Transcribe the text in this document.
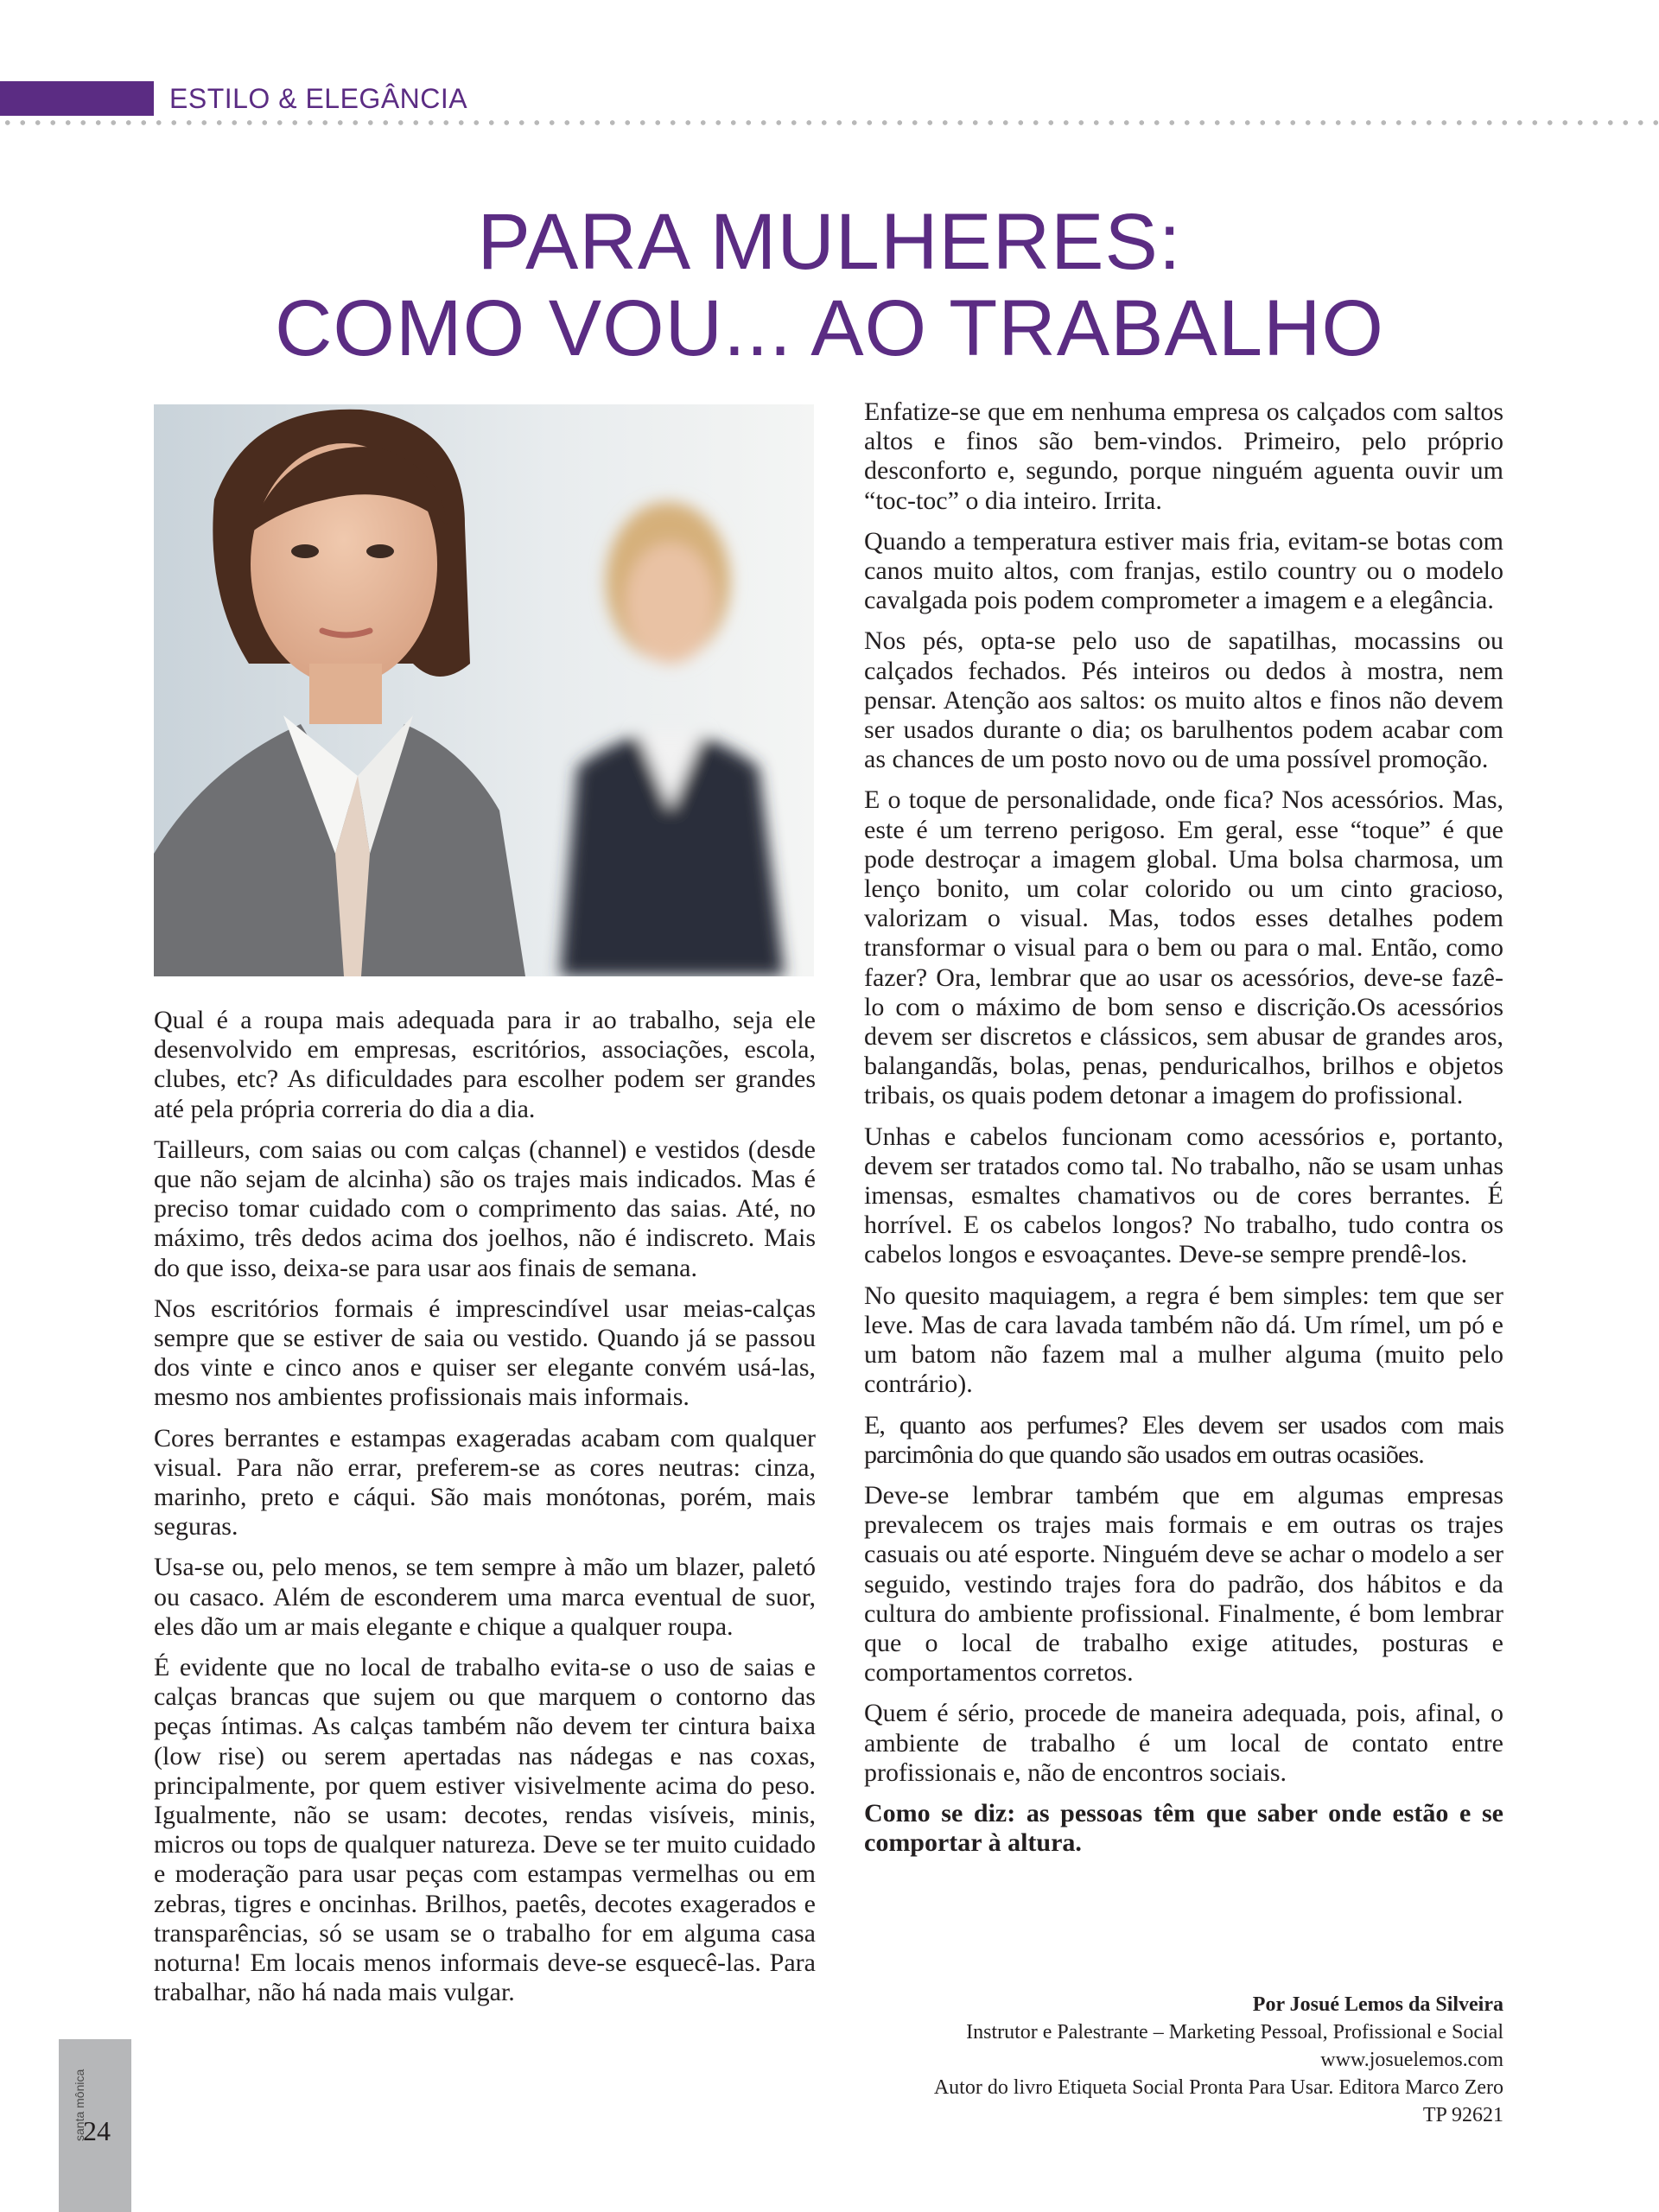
ESTILO & ELEGÂNCIA
PARA MULHERES:
COMO VOU... AO TRABALHO

Qual é a roupa mais adequada para ir ao trabalho, seja ele desenvolvido em empresas, escritórios, associações, escola, clubes, etc? As dificuldades para escolher podem ser grandes até pela própria correria do dia a dia.

Tailleurs, com saias ou com calças (channel) e vestidos (desde que não sejam de alcinha) são os trajes mais indicados. Mas é preciso tomar cuidado com o comprimento das saias. Até, no máximo, três dedos acima dos joelhos, não é indiscreto. Mais do que isso, deixa-se para usar aos finais de semana.

Nos escritórios formais é imprescindível usar meias-calças sempre que se estiver de saia ou vestido. Quando já se passou dos vinte e cinco anos e quiser ser elegante convém usá-las, mesmo nos ambientes profissionais mais informais.

Cores berrantes e estampas exageradas acabam com qualquer visual. Para não errar, preferem-se as cores neutras: cinza, marinho, preto e cáqui. São mais monótonas, porém, mais seguras.

Usa-se ou, pelo menos, se tem sempre à mão um blazer, paletó ou casaco. Além de esconderem uma marca eventual de suor, eles dão um ar mais elegante e chique a qualquer roupa.

É evidente que no local de trabalho evita-se o uso de saias e calças brancas que sujem ou que marquem o contorno das peças íntimas. As calças também não devem ter cintura baixa (low rise) ou serem apertadas nas nádegas e nas coxas, principalmente, por quem estiver visivelmente acima do peso. Igualmente, não se usam: decotes, rendas visíveis, minis, micros ou tops de qualquer natureza. Deve se ter muito cuidado e moderação para usar peças com estampas vermelhas ou em zebras, tigres e oncinhas. Brilhos, paetês, decotes exagerados e transparências, só se usam se o trabalho for em alguma casa noturna! Em locais menos informais deve-se esquecê-las. Para trabalhar, não há nada mais vulgar.

Enfatize-se que em nenhuma empresa os calçados com saltos altos e finos são bem-vindos. Primeiro, pelo próprio desconforto e, segundo, porque ninguém aguenta ouvir um “toc-toc” o dia inteiro. Irrita.

Quando a temperatura estiver mais fria, evitam-se botas com canos muito altos, com franjas, estilo country ou o modelo cavalgada pois podem comprometer a imagem e a elegância.

Nos pés, opta-se pelo uso de sapatilhas, mocassins ou calçados fechados. Pés inteiros ou dedos à mostra, nem pensar. Atenção aos saltos: os muito altos e finos não devem ser usados durante o dia; os barulhentos podem acabar com as chances de um posto novo ou de uma possível promoção.

E o toque de personalidade, onde fica? Nos acessórios. Mas, este é um terreno perigoso. Em geral, esse “toque” é que pode destroçar a imagem global. Uma bolsa charmosa, um lenço bonito, um colar colorido ou um cinto gracioso, valorizam o visual. Mas, todos esses detalhes podem transformar o visual para o bem ou para o mal. Então, como fazer? Ora, lembrar que ao usar os acessórios, deve-se fazê-lo com o máximo de bom senso e discrição.Os acessórios devem ser discretos e clássicos, sem abusar de grandes aros, balangandãs, bolas, penas, penduricalhos, brilhos e objetos tribais, os quais podem detonar a imagem do profissional.

Unhas e cabelos funcionam como acessórios e, portanto, devem ser tratados como tal. No trabalho, não se usam unhas imensas, esmaltes chamativos ou de cores berrantes. É horrível. E os cabelos longos? No trabalho, tudo contra os cabelos longos e esvoaçantes. Deve-se sempre prendê-los.

No quesito maquiagem, a regra é bem simples: tem que ser leve. Mas de cara lavada também não dá. Um rímel, um pó e um batom não fazem mal a mulher alguma (muito pelo contrário).

E, quanto aos perfumes? Eles devem ser usados com mais parcimônia do que quando são usados em outras ocasiões.

Deve-se lembrar também que em algumas empresas prevalecem os trajes mais formais e em outras os trajes casuais ou até esporte. Ninguém deve se achar o modelo a ser seguido, vestindo trajes fora do padrão, dos hábitos e da cultura do ambiente profissional. Finalmente, é bom lembrar que o local de trabalho exige atitudes, posturas e comportamentos corretos.

Quem é sério, procede de maneira adequada, pois, afinal, o ambiente de trabalho é um local de contato entre profissionais e, não de encontros sociais.

Como se diz: as pessoas têm que saber onde estão e se comportar à altura.

Por Josué Lemos da Silveira
Instrutor e Palestrante – Marketing Pessoal, Profissional e Social
www.josuelemos.com
Autor do livro Etiqueta Social Pronta Para Usar. Editora Marco Zero
TP 92621
santa mônica
24
